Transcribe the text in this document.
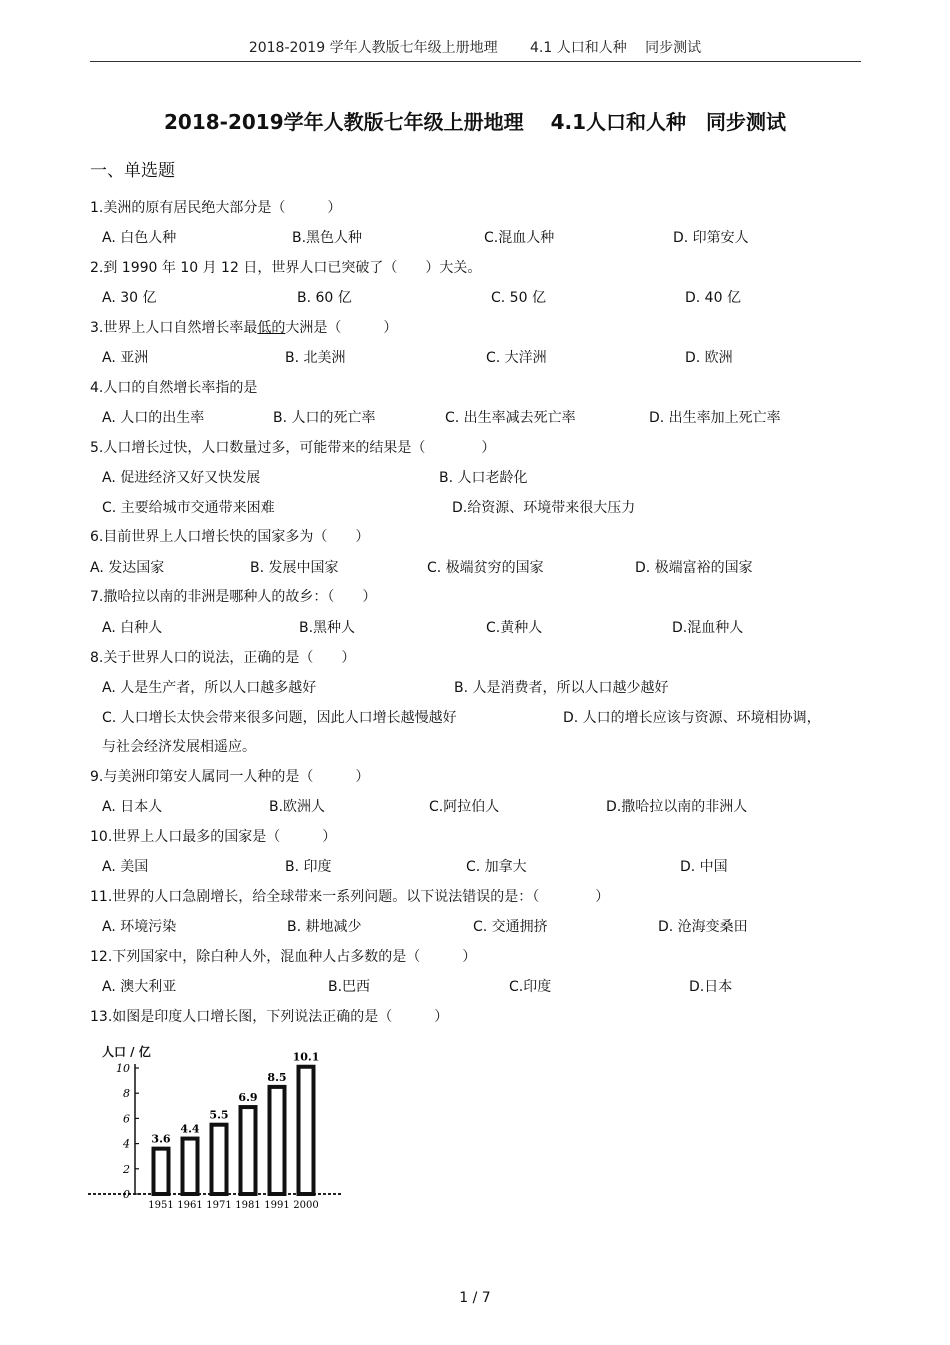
2018-2019 学年人教版七年级上册地理　　 4.1 人口和人种　 同步测试
2018-2019学年人教版七年级上册地理　 4.1人口和人种　同步测试
一、单选题
1.美洲的原有居民绝大部分是（　　　）
A. 白色人种	B.黑色人种	C.混血人种	D. 印第安人
2.到 1990 年 10 月 12 日，世界人口已突破了（　　）大关。
A. 30 亿	B. 60 亿	C. 50 亿	D. 40 亿
3.世界上人口自然增长率最低的大洲是（　　　）
A. 亚洲	B. 北美洲	C. 大洋洲	D. 欧洲
4.人口的自然增长率指的是
A. 人口的出生率	B. 人口的死亡率	C. 出生率减去死亡率	D. 出生率加上死亡率
5.人口增长过快，人口数量过多，可能带来的结果是（　　　　）
A. 促进经济又好又快发展	B. 人口老龄化
C. 主要给城市交通带来困难	D.给资源、环境带来很大压力
6.目前世界上人口增长快的国家多为（　　）
A. 发达国家	B. 发展中国家	C. 极端贫穷的国家	D. 极端富裕的国家
7.撒哈拉以南的非洲是哪种人的故乡：（　　）
A. 白种人	B.黑种人	C.黄种人	D.混血种人
8.关于世界人口的说法，正确的是（　　）
A. 人是生产者，所以人口越多越好	B. 人是消费者，所以人口越少越好
C. 人口增长太快会带来很多问题，因此人口增长越慢越好	D. 人口的增长应该与资源、环境相协调，
与社会经济发展相遥应。
9.与美洲印第安人属同一人种的是（　　　）
A. 日本人	B.欧洲人	C.阿拉伯人	D.撒哈拉以南的非洲人
10.世界上人口最多的国家是（　　　）
A. 美国	B. 印度	C. 加拿大	D. 中国
11.世界的人口急剧增长，给全球带来一系列问题。以下说法错误的是：（　　　　）
A. 环境污染	B. 耕地减少	C. 交通拥挤	D. 沧海变桑田
12.下列国家中，除白种人外，混血种人占多数的是（　　　）
A. 澳大利亚	B.巴西	C.印度	D.日本
13.如图是印度人口增长图，下列说法正确的是（　　　）
人口 / 亿
0
2
4
6
8
10
3.6
4.4
5.5
6.9
8.5
10.1
1951 1961 1971 1981 1991 2000
1 / 7
